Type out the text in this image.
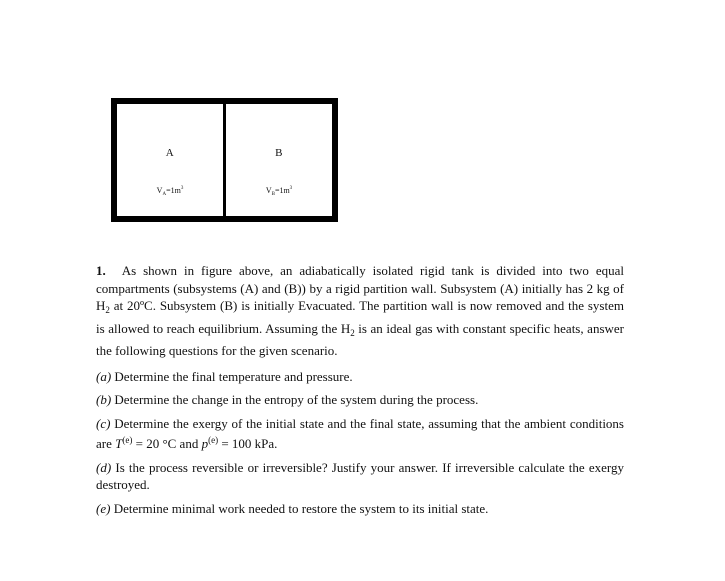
A
$V_A=1m^3$
B
$V_B=1m^3$

1. As shown in figure above, an adiabatically isolated rigid tank is divided into two equal compartments (subsystems (A) and (B)) by a rigid partition wall. Subsystem (A) initially has 2 kg of $H_2$ at 20ºC. Subsystem (B) is initially Evacuated. The partition wall is now removed and the system is allowed to reach equilibrium. Assuming the $H_2$ is an ideal gas with constant specific heats, answer the following questions for the given scenario.

(a) Determine the final temperature and pressure.

(b) Determine the change in the entropy of the system during the process.

(c) Determine the exergy of the initial state and the final state, assuming that the ambient conditions are $T^{(e)} = 20$ °C and $p^{(e)} = 100$ kPa.

(d) Is the process reversible or irreversible? Justify your answer. If irreversible calculate the exergy destroyed.

(e) Determine minimal work needed to restore the system to its initial state.
